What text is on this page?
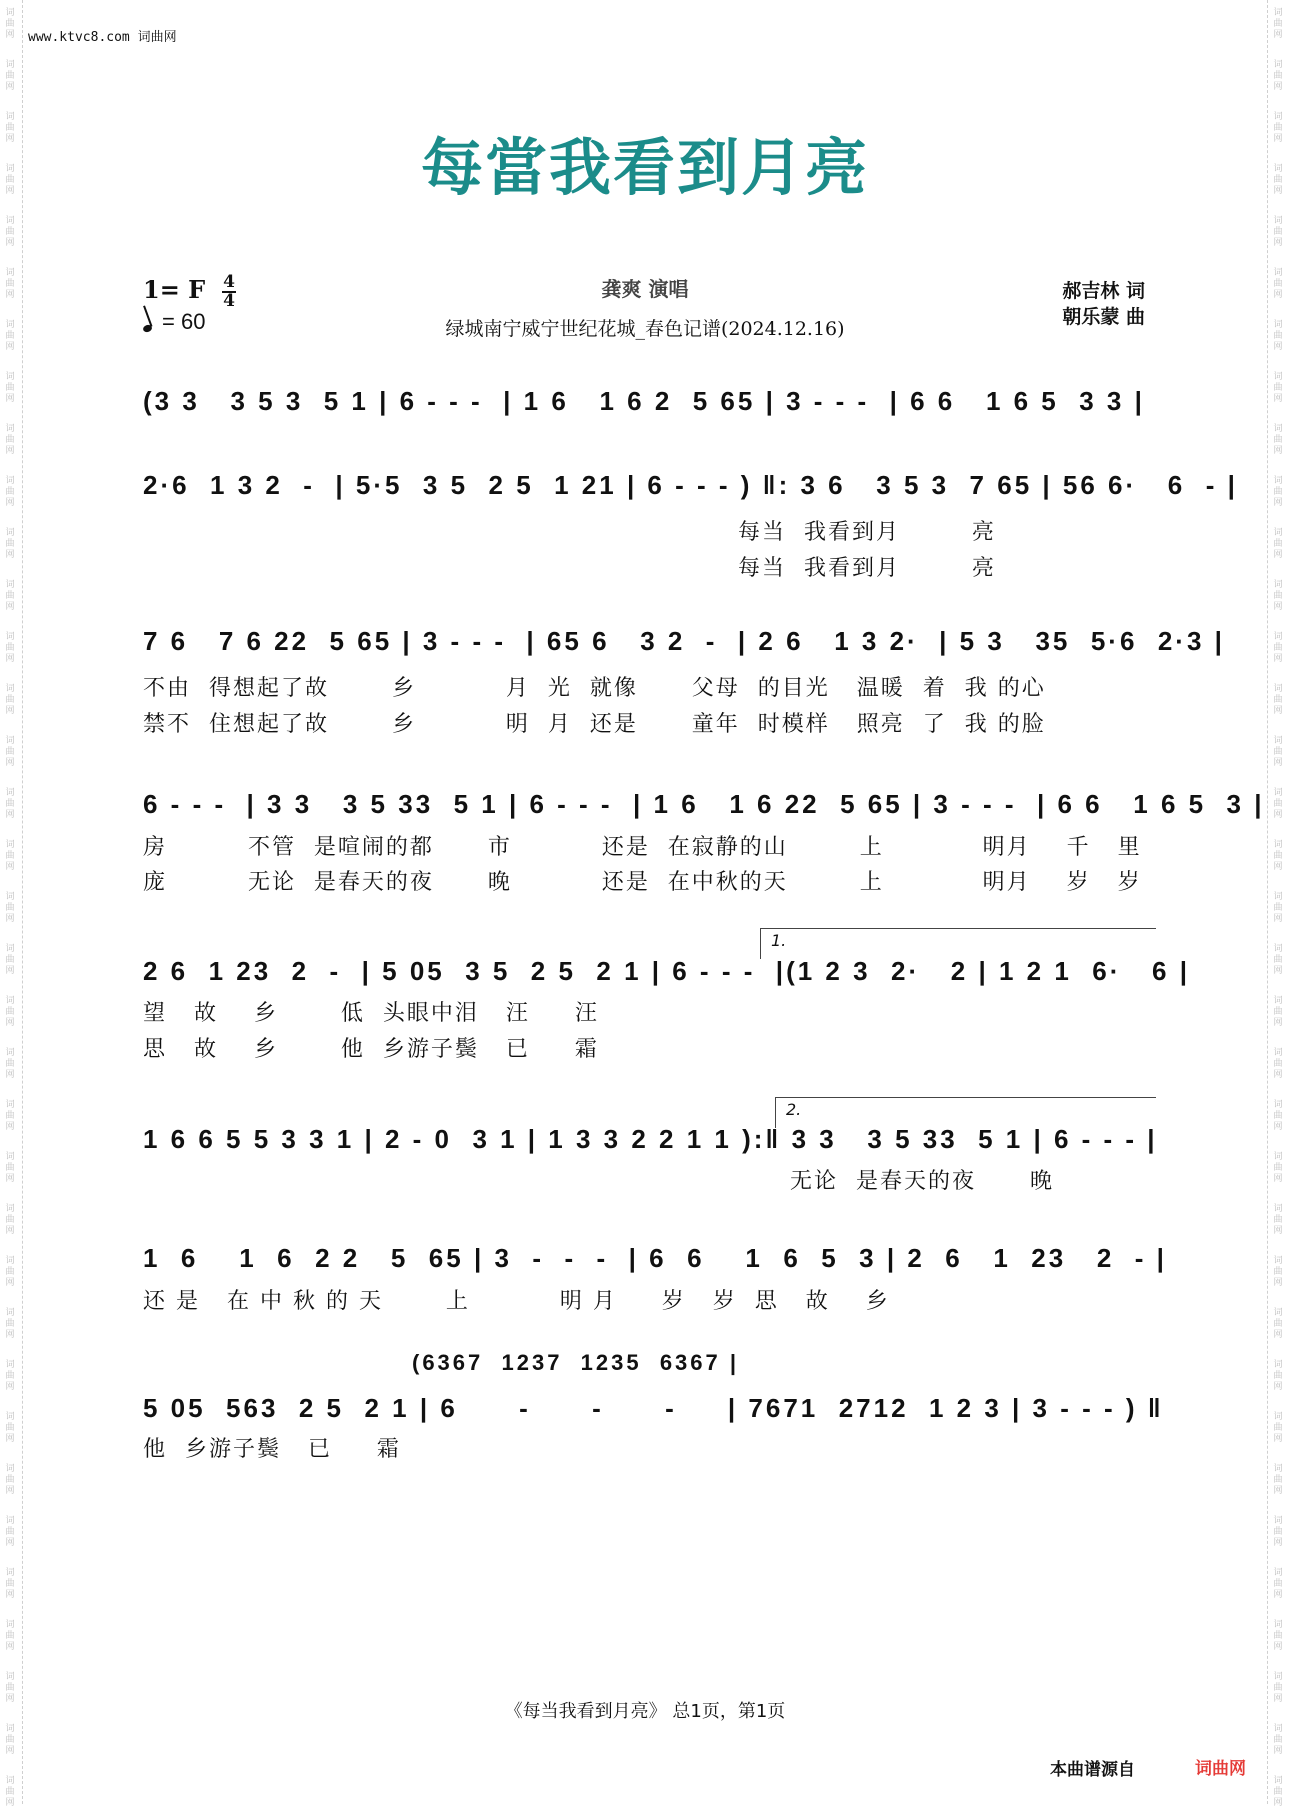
词
曲
网
词
曲
网
词
曲
网
词
曲
网
词
曲
网
词
曲
网
词
曲
网
词
曲
网
词
曲
网
词
曲
网
词
曲
网
词
曲
网
词
曲
网
词
曲
网
词
曲
网
词
曲
网
词
曲
网
词
曲
网
词
曲
网
词
曲
网
词
曲
网
词
曲
网
词
曲
网
词
曲
网
词
曲
网
词
曲
网
词
曲
网
词
曲
网
词
曲
网
词
曲
网
词
曲
网
词
曲
网
词
曲
网
词
曲
网
词
曲
网
词
曲
网
词
曲
网
词
曲
网
词
曲
网
词
曲
网
词
曲
网
词
曲
网
词
曲
网
词
曲
网
词
曲
网
词
曲
网
词
曲
网
词
曲
网
词
曲
网
词
曲
网
词
曲
网
词
曲
网
词
曲
网
词
曲
网
词
曲
网
词
曲
网
词
曲
网
词
曲
网
词
曲
网
词
曲
网
词
曲
网
词
曲
网
词
曲
网
词
曲
网
词
曲
网
词
曲
网
词
曲
网
词
曲
网
词
曲
网
词
曲
网
www.ktvc8.com 词曲网
每當我看到月亮
1= F 4
4
= 60
龚爽 演唱
绿城南宁威宁世纪花城_春色记谱(2024.12.16)
郝吉林 词
朝乐蒙 曲
(3 3   3 5 3  5 1 | 6 - - -  | 1 6   1 6 2  5 65 | 3 - - -  | 6 6   1 6 5  3 3 |
2·6  1 3 2  -  | 5·5  3 5  2 5  1 21 | 6 - - - ) ‖: 3 6   3 5 3  7 65 | 56 6·   6  - |
每当  我看到月        亮
每当  我看到月        亮
7 6   7 6 22  5 65 | 3 - - -  | 65 6   3 2  -  | 2 6   1 3 2·  | 5 3   35  5·6  2·3 |
不由  得想起了故       乡          月  光  就像      父母  的目光   温暖  着  我 的心
禁不  住想起了故       乡          明  月  还是      童年  时模样   照亮  了  我 的脸
6 - - -  | 3 3   3 5 33  5 1 | 6 - - -  | 1 6   1 6 22  5 65 | 3 - - -  | 6 6   1 6 5  3 |
房         不管  是喧闹的都      市          还是  在寂静的山        上           明月    千   里
庞         无论  是春天的夜      晚          还是  在中秋的天        上           明月    岁   岁
1.
2 6  1 23  2  -  | 5 05  3 5  2 5  2 1 | 6 - - -  |(1 2 3  2·   2 | 1 2 1  6·   6 |
望   故    乡       低  头眼中泪   汪     汪
思   故    乡       他  乡游子鬓   已     霜
2.
1 6 6 5 5 3 3 1 | 2 - 0  3 1 | 1 3 3 2 2 1 1 ):‖ 3 3   3 5 33  5 1 | 6 - - - |
无论  是春天的夜      晚
1  6    1  6  2 2   5  65 | 3  -  -  -  | 6  6    1  6  5  3 | 2  6   1  23   2  - |
还 是   在 中 秋 的 天       上          明 月     岁   岁  思   故    乡
(6367  1237  1235  6367 |
5 05  563  2 5  2 1 | 6      -      -      -     | 7671  2712  1 2 3 | 3 - - - ) ‖
他  乡游子鬓   已     霜
《每当我看到月亮》 总1页，第1页
本曲谱源自	词曲网
